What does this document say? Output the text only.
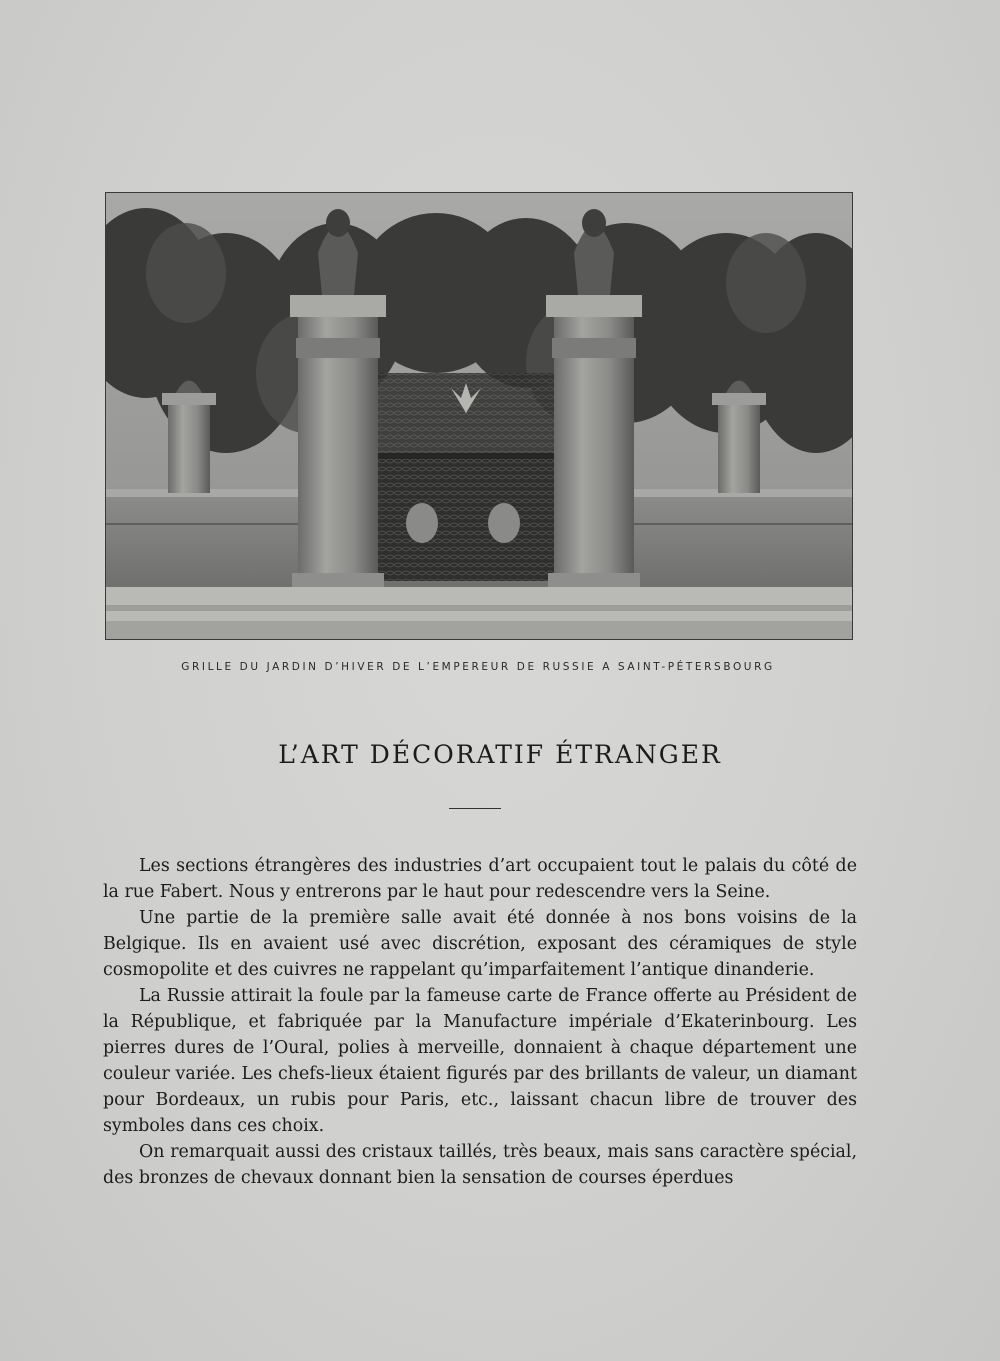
GRILLE DU JARDIN D’HIVER DE L’EMPEREUR DE RUSSIE A SAINT-PÉTERSBOURG
L’ART DÉCORATIF ÉTRANGER

Les sections étrangères des industries d’art occupaient tout le palais du côté de la rue Fabert. Nous y entrerons par le haut pour redescendre vers la Seine.

Une partie de la première salle avait été donnée à nos bons voisins de la Belgique. Ils en avaient usé avec discrétion, exposant des céramiques de style cosmopolite et des cuivres ne rappelant qu’imparfaitement l’antique dinanderie.

La Russie attirait la foule par la fameuse carte de France offerte au Président de la République, et fabriquée par la Manufacture impériale d’Ekaterinbourg. Les pierres dures de l’Oural, polies à merveille, donnaient à chaque département une couleur variée. Les chefs-lieux étaient figurés par des brillants de valeur, un diamant pour Bordeaux, un rubis pour Paris, etc., laissant chacun libre de trouver des symboles dans ces choix.

On remarquait aussi des cristaux taillés, très beaux, mais sans caractère spécial, des bronzes de chevaux donnant bien la sensation de courses éperdues
